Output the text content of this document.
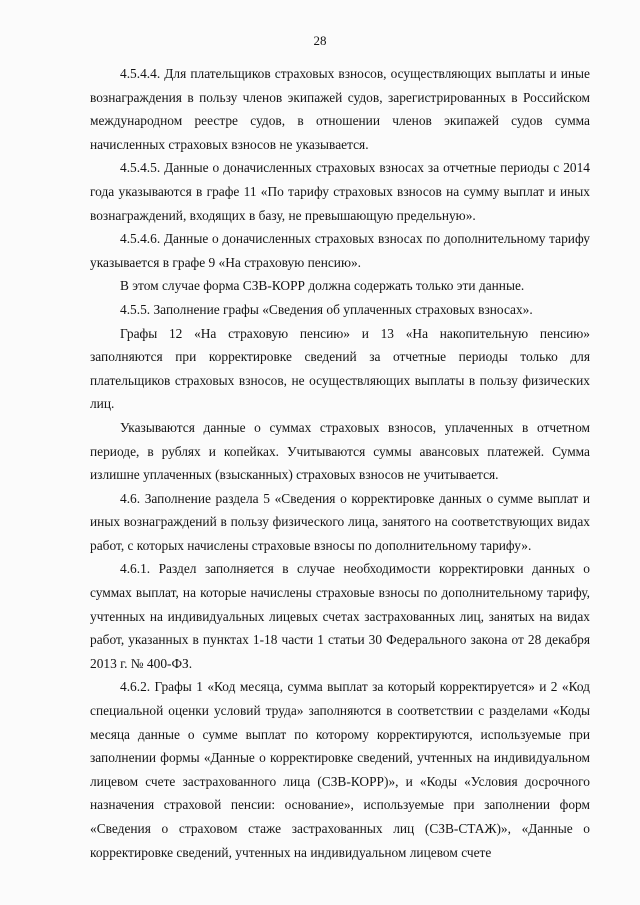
28

4.5.4.4. Для плательщиков страховых взносов, осуществляющих выплаты и иные вознаграждения в пользу членов экипажей судов, зарегистрированных в Российском международном реестре судов, в отношении членов экипажей судов сумма начисленных страховых взносов не указывается.

4.5.4.5. Данные о доначисленных страховых взносах за отчетные периоды с 2014 года указываются в графе 11 «По тарифу страховых взносов на сумму выплат и иных вознаграждений, входящих в базу, не превышающую предельную».

4.5.4.6. Данные о доначисленных страховых взносах по дополнительному тарифу указывается в графе 9 «На страховую пенсию».

В этом случае форма СЗВ-КОРР должна содержать только эти данные.

4.5.5. Заполнение графы «Сведения об уплаченных страховых взносах».

Графы 12 «На страховую пенсию» и 13 «На накопительную пенсию» заполняются при корректировке сведений за отчетные периоды только для плательщиков страховых взносов, не осуществляющих выплаты в пользу физических лиц.

Указываются данные о суммах страховых взносов, уплаченных в отчетном периоде, в рублях и копейках. Учитываются суммы авансовых платежей. Сумма излишне уплаченных (взысканных) страховых взносов не учитывается.

4.6. Заполнение раздела 5 «Сведения о корректировке данных о сумме выплат и иных вознаграждений в пользу физического лица, занятого на соответствующих видах работ, с которых начислены страховые взносы по дополнительному тарифу».

4.6.1. Раздел заполняется в случае необходимости корректировки данных о суммах выплат, на которые начислены страховые взносы по дополнительному тарифу, учтенных на индивидуальных лицевых счетах застрахованных лиц, занятых на видах работ, указанных в пунктах 1-18 части 1 статьи 30 Федерального закона от 28 декабря 2013 г. № 400-ФЗ.

4.6.2. Графы 1 «Код месяца, сумма выплат за который корректируется» и 2 «Код специальной оценки условий труда» заполняются в соответствии с разделами «Коды месяца данные о сумме выплат по которому корректируются, используемые при заполнении формы «Данные о корректировке сведений, учтенных на индивидуальном лицевом счете застрахованного лица (СЗВ-КОРР)», и «Коды «Условия досрочного назначения страховой пенсии: основание», используемые при заполнении форм «Сведения о страховом стаже застрахованных лиц (СЗВ-СТАЖ)», «Данные о корректировке сведений, учтенных на индивидуальном лицевом счете
